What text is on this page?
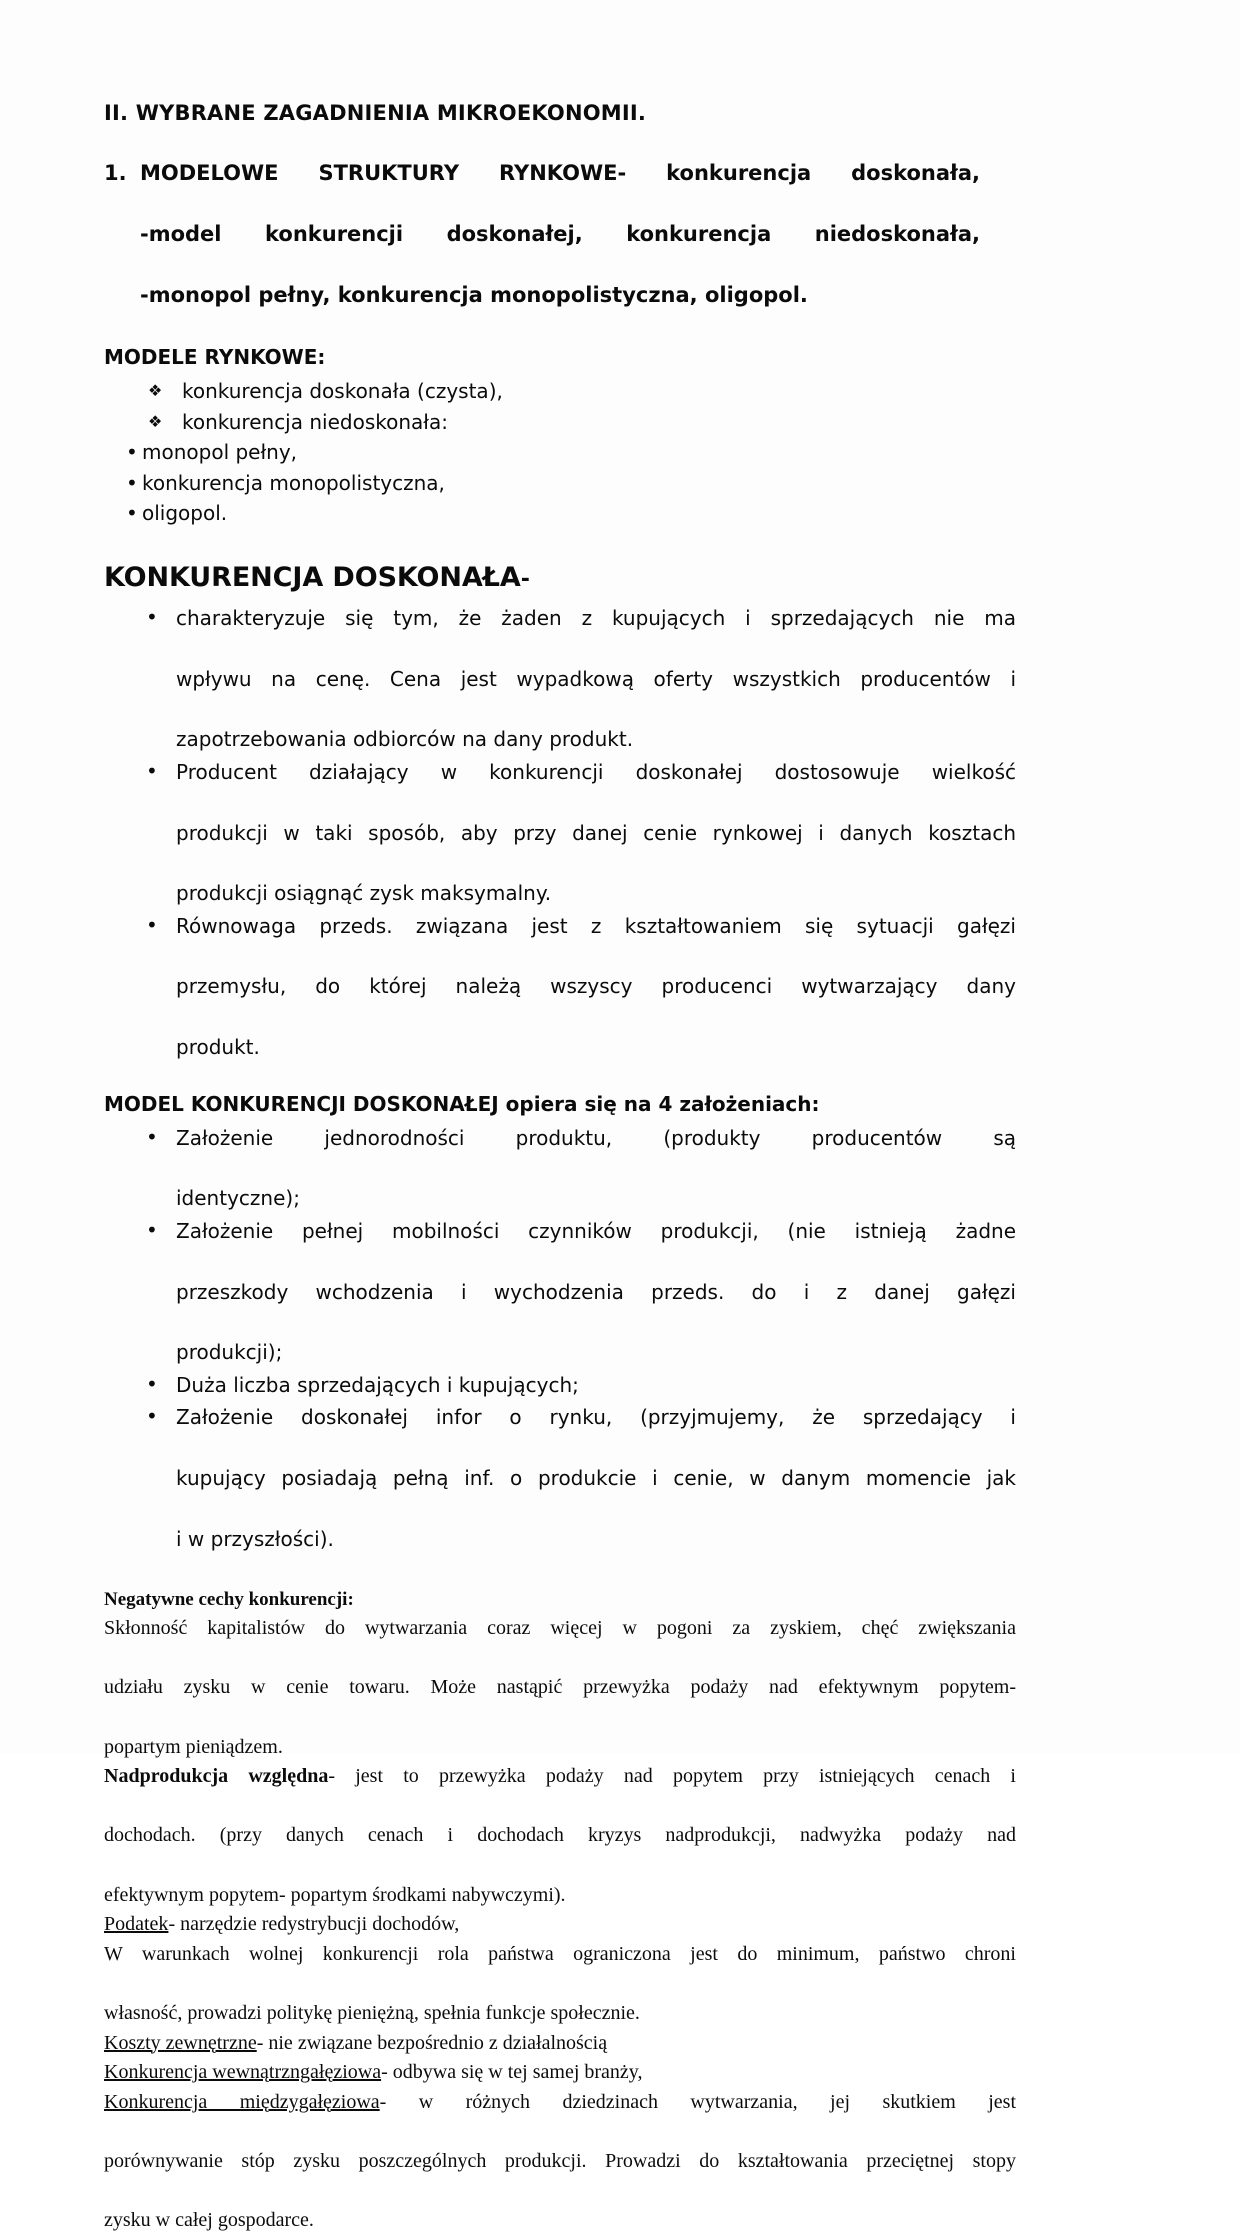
II. WYBRANE ZAGADNIENIA MIKROEKONOMII.
1. MODELOWE STRUKTURY RYNKOWE- konkurencja doskonała,
-model konkurencji doskonałej, konkurencja niedoskonała,
-monopol pełny, konkurencja monopolistyczna, oligopol.
MODELE RYNKOWE:
❖ konkurencja doskonała (czysta),
❖ konkurencja niedoskonała:
• monopol pełny,
• konkurencja monopolistyczna,
• oligopol.
KONKURENCJA DOSKONAŁA-
• charakteryzuje się tym, że żaden z kupujących i sprzedających nie ma
wpływu na cenę. Cena jest wypadkową oferty wszystkich producentów i
zapotrzebowania odbiorców na dany produkt.
• Producent działający w konkurencji doskonałej dostosowuje wielkość
produkcji w taki sposób, aby przy danej cenie rynkowej i danych kosztach
produkcji osiągnąć zysk maksymalny.
• Równowaga przeds. związana jest z kształtowaniem się sytuacji gałęzi
przemysłu, do której należą wszyscy producenci wytwarzający dany
produkt.
MODEL KONKURENCJI DOSKONAŁEJ opiera się na 4 założeniach:
• Założenie jednorodności produktu, (produkty producentów są
identyczne);
• Założenie pełnej mobilności czynników produkcji, (nie istnieją żadne
przeszkody wchodzenia i wychodzenia przeds. do i z danej gałęzi
produkcji);
• Duża liczba sprzedających i kupujących;
• Założenie doskonałej infor o rynku, (przyjmujemy, że sprzedający i
kupujący posiadają pełną inf. o produkcie i cenie, w danym momencie jak
i w przyszłości).

Negatywne cechy konkurencji:

Skłonność kapitalistów do wytwarzania coraz więcej w pogoni za zyskiem, chęć zwiększania
udziału zysku w cenie towaru. Może nastąpić przewyżka podaży nad efektywnym popytem-
popartym pieniądzem.

Nadprodukcja względna- jest to przewyżka podaży nad popytem przy istniejących cenach i
dochodach. (przy danych cenach i dochodach kryzys nadprodukcji, nadwyżka podaży nad
efektywnym popytem- popartym środkami nabywczymi).

Podatek- narzędzie redystrybucji dochodów,

W warunkach wolnej konkurencji rola państwa ograniczona jest do minimum, państwo chroni
własność, prowadzi politykę pieniężną, spełnia funkcje społecznie.

Koszty zewnętrzne- nie związane bezpośrednio z działalnością

Konkurencja wewnątrzngałęziowa- odbywa się w tej samej branży,

Konkurencja międzygałęziowa- w różnych dziedzinach wytwarzania, jej skutkiem jest
porównywanie stóp zysku poszczególnych produkcji. Prowadzi do kształtowania przeciętnej stopy
zysku w całej gospodarce.
